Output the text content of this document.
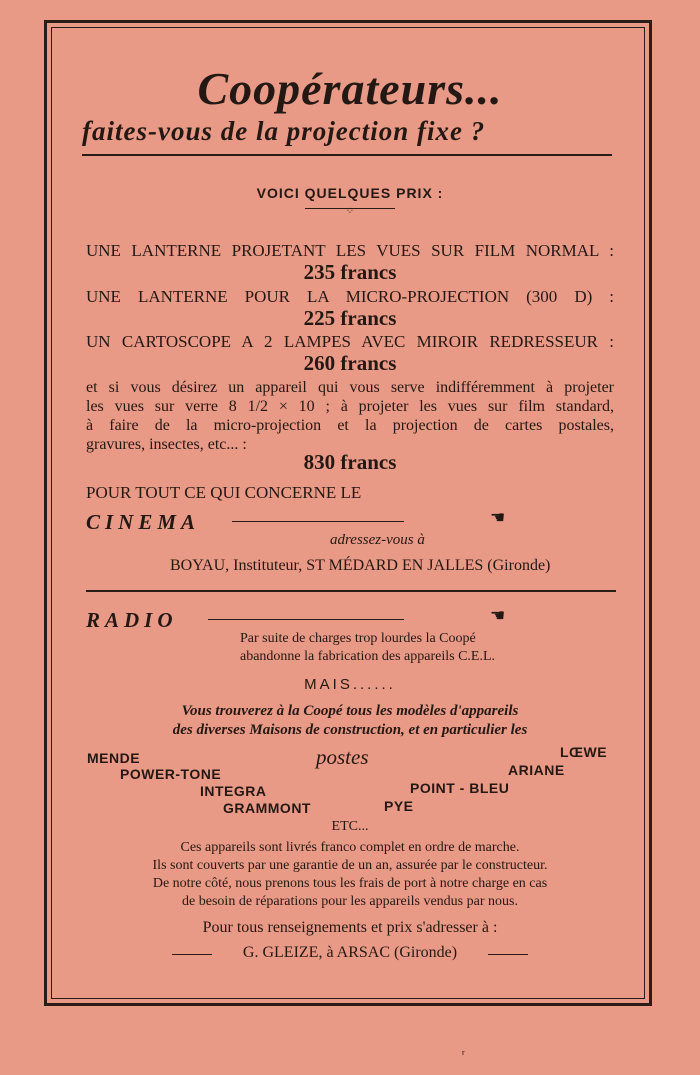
Coopérateurs...
faites-vous de la projection fixe ?
VOICI QUELQUES PRIX :
⁘
UNE LANTERNE PROJETANT LES VUES SUR FILM NORMAL :
235 francs
UNE LANTERNE POUR LA MICRO-PROJECTION (300 D) :
225 francs
UN CARTOSCOPE A 2 LAMPES AVEC MIROIR REDRESSEUR :
260 francs
et si vous désirez un appareil qui vous serve indifféremment à projeter
les vues sur verre 8 1/2 × 10 ; à projeter les vues sur film standard,
à faire de la micro-projection et la projection de cartes postales,
gravures, insectes, etc... :
830 francs
POUR TOUT CE QUI CONCERNE LE
CINEMA	☚
adressez-vous à
BOYAU, Instituteur, ST MÉDARD EN JALLES (Gironde)
RADIO	☚
Par suite de charges trop lourdes la Coopé
abandonne la fabrication des appareils C.E.L.
MAIS......
Vous trouverez à la Coopé tous les modèles d'appareils
des diverses Maisons de construction, et en particulier les
MENDE	postes	LŒWE
POWER-TONE	ARIANE
INTEGRA	POINT - BLEU
GRAMMONT	PYE
ETC...
Ces appareils sont livrés franco complet en ordre de marche.
Ils sont couverts par une garantie de un an, assurée par le constructeur.
De notre côté, nous prenons tous les frais de port à notre charge en cas
de besoin de réparations pour les appareils vendus par nous.
Pour tous renseignements et prix s'adresser à :
G. GLEIZE, à ARSAC (Gironde)
r
